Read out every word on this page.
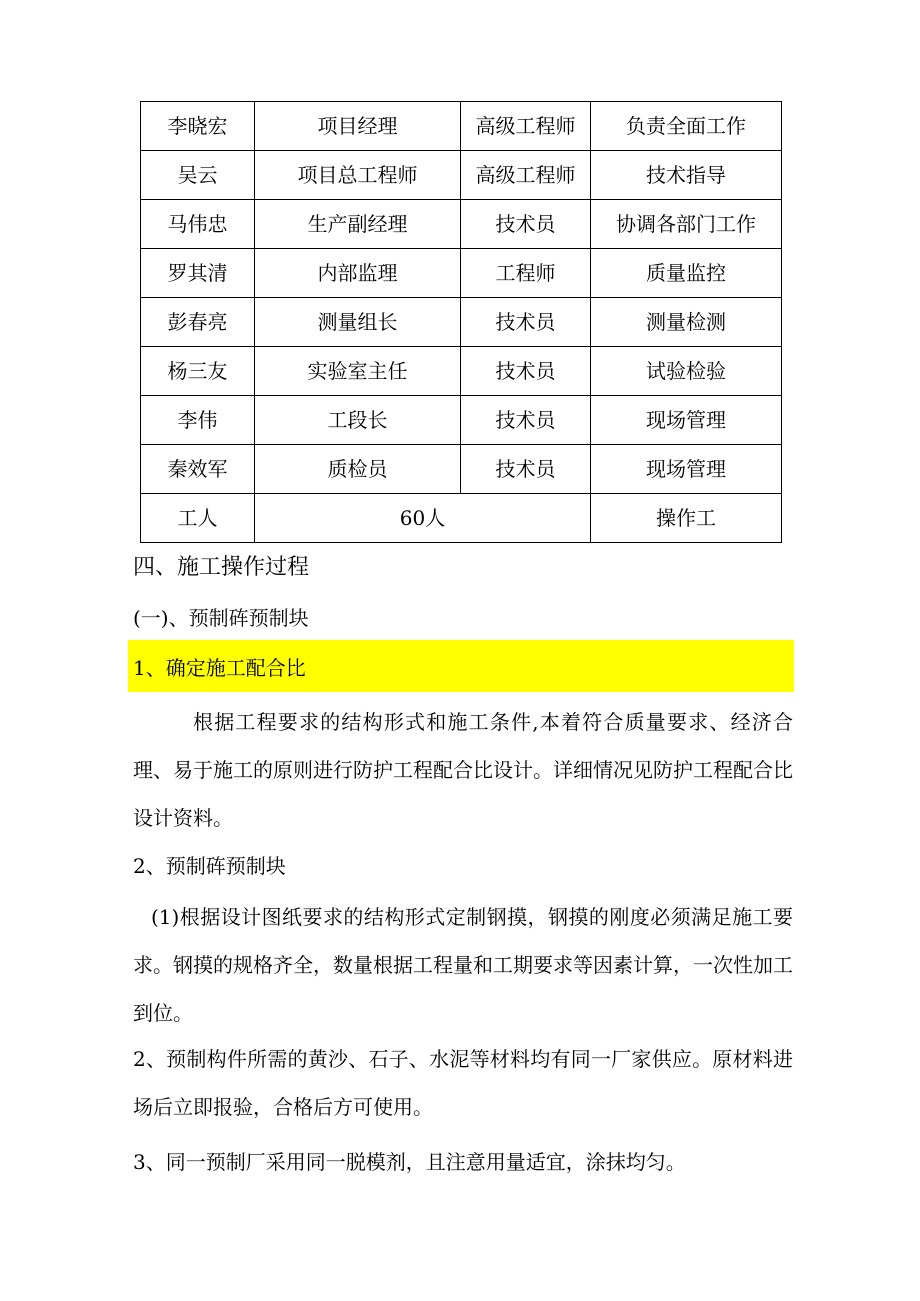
李晓宏	项目经理	高级工程师	负责全面工作
吴云	项目总工程师	高级工程师	技术指导
马伟忠	生产副经理	技术员	协调各部门工作
罗其清	内部监理	工程师	质量监控
彭春亮	测量组长	技术员	测量检测
杨三友	实验室主任	技术员	试验检验
李伟	工段长	技术员	现场管理
秦效军	质检员	技术员	现场管理
工人	60人		操作工
四、施工操作过程
(一)、预制砗预制块
1、确定施工配合比

根据工程要求的结构形式和施工条件,本着符合质量要求、经济合理、易于施工的原则进行防护工程配合比设计。详细情况见防护工程配合比设计资料。

2、预制砗预制块

(1)根据设计图纸要求的结构形式定制钢摸，钢摸的刚度必须满足施工要求。钢摸的规格齐全，数量根据工程量和工期要求等因素计算，一次性加工到位。

2、预制构件所需的黄沙、石子、水泥等材料均有同一厂家供应。原材料进场后立即报验，合格后方可使用。

3、同一预制厂采用同一脱模剂，且注意用量适宜，涂抹均匀。
